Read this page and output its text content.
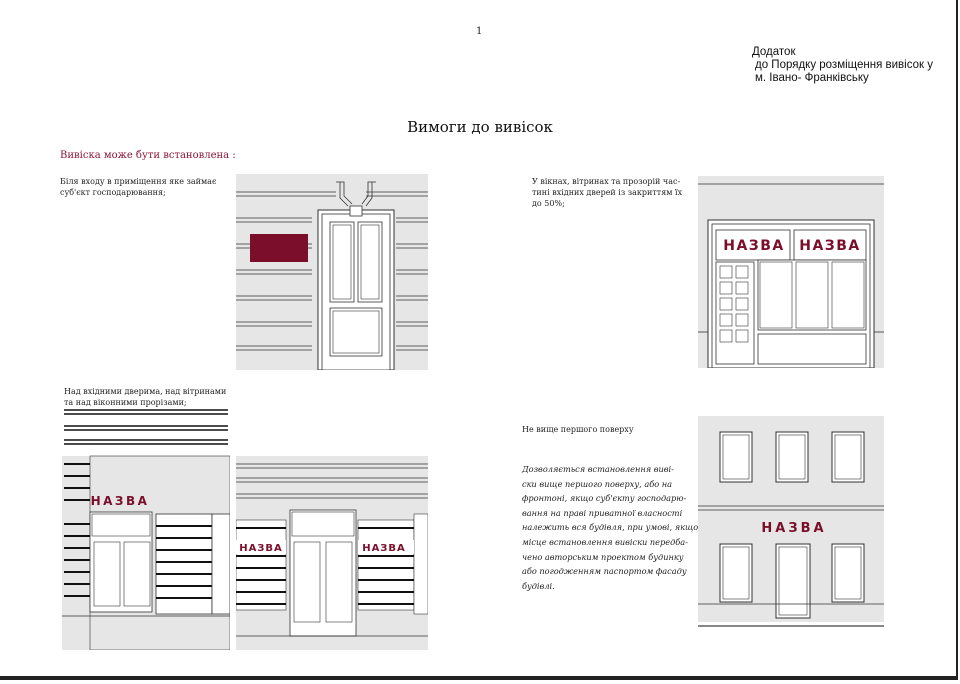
1
Додаток
до Порядку розміщення вивісок у
м. Івано- Франківську
Вимоги до вивісок
Вивіска може бути встановлена :
Біля входу в приміщення яке займає
суб'єкт господарювання;
У вікнах, вітринах та прозорій час-
тині вхідних дверей із закриттям їх
до 50%;
НАЗВА НАЗВА
Над вхідними дверима, над вітринами
та над віконними прорізами;
НАЗВА
НАЗВА	НАЗВА
Не вище першого поверху
Дозволяється встановлення виві-
ски вище першого поверху, або на
фронтоні, якщо суб'єкту господарю-
вання на праві приватної власності
належить вся будівля, при умові, якщо
місце встановлення вивіски передба-
чено авторським проектом будинку
або погодженням паспортом фасаду
будівлі.
НАЗВА
